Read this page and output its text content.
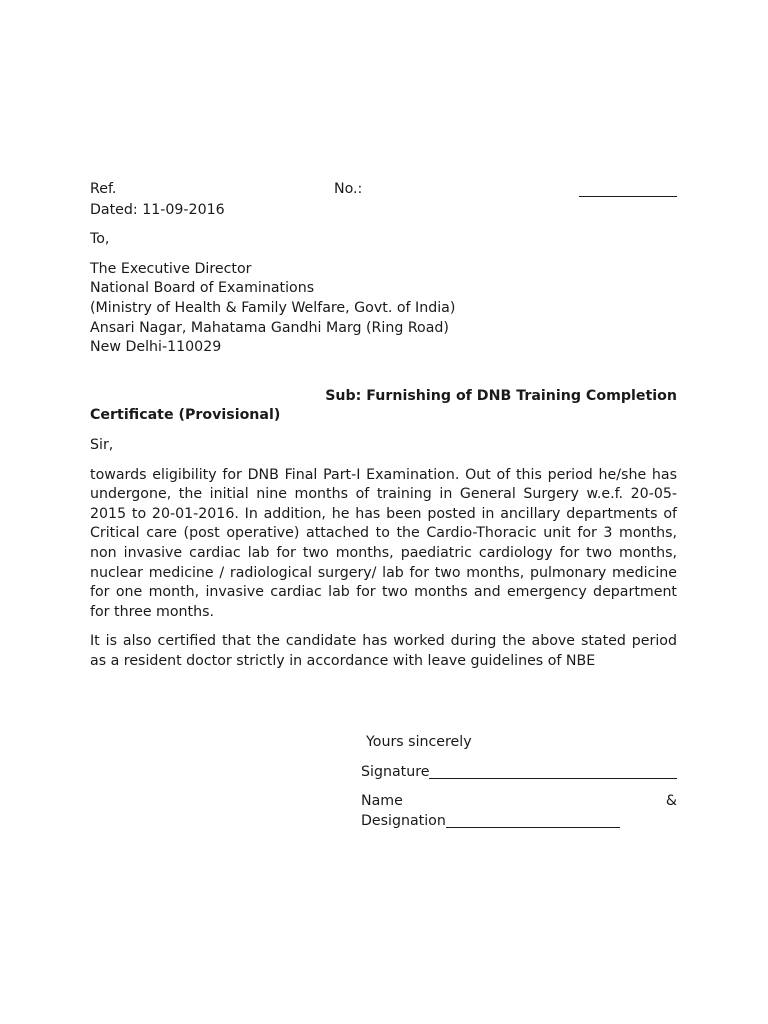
Ref.	No.:
Dated: 11-09-2016
To,
The Executive Director
National Board of Examinations
(Ministry of Health & Family Welfare, Govt. of India)
Ansari Nagar, Mahatama Gandhi Marg (Ring Road)
New Delhi-110029
Sub: Furnishing of DNB Training Completion
Certificate (Provisional)
Sir,
towards eligibility for DNB Final Part-I Examination. Out of this period he/she has undergone, the initial nine months of training in General Surgery w.e.f. 20-05-2015 to 20-01-2016. In addition, he has been posted in ancillary departments of Critical care (post operative) attached to the Cardio-Thoracic unit for 3 months, non invasive cardiac lab for two months, paediatric cardiology for two months, nuclear medicine / radiological surgery/ lab for two months, pulmonary medicine for one month, invasive cardiac lab for two months and emergency department for three months.
It is also certified that the candidate has worked during the above stated period as a resident doctor strictly in accordance with leave guidelines of NBE
Yours sincerely
Signature
Name	&
Designation
